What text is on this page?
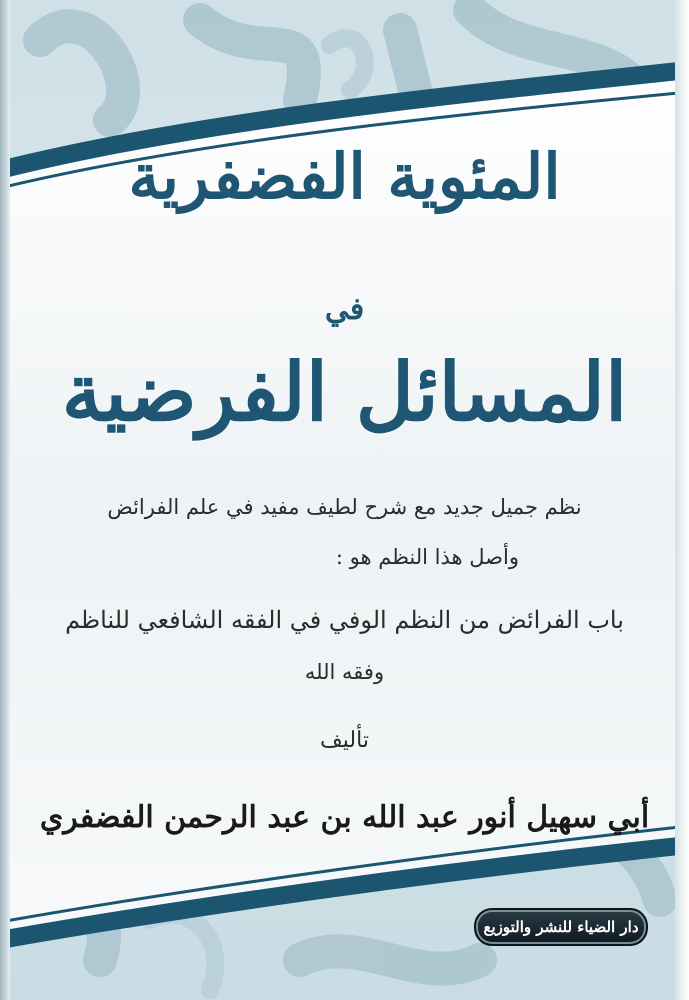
المئوية الفضفرية
في
المسائل الفرضية
نظم جميل جديد مع شرح لطيف مفيد في علم الفرائض
وأصل هذا النظم هو :
باب الفرائض من النظم الوفي في الفقه الشافعي للناظم
وفقه الله
تأليف
أبي سهيل أنور عبد الله بن عبد الرحمن الفضفري
دار الضياء للنشر والتوزيع
